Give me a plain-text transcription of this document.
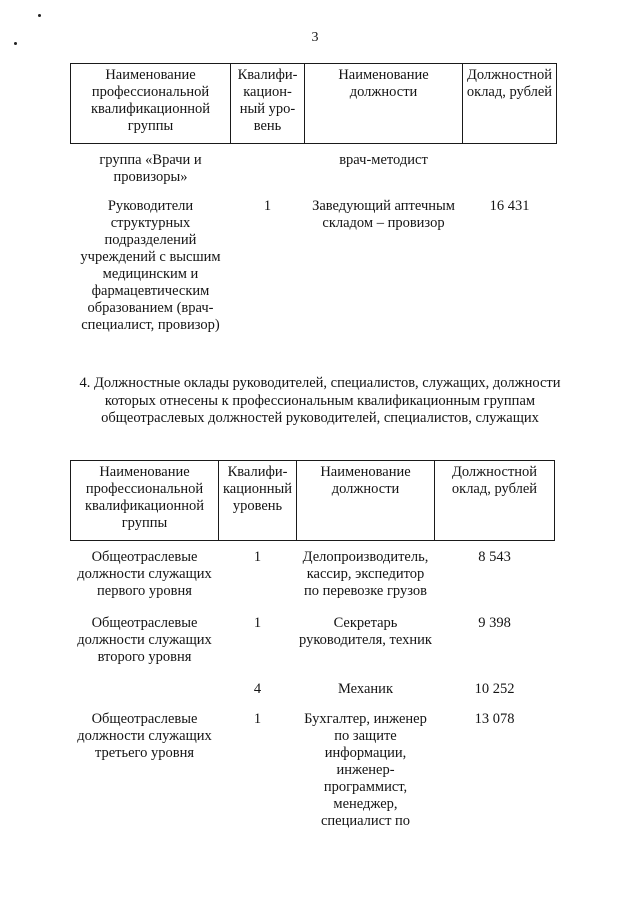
3
Наименование профессиональной квалификационной группы	Квалифи-кацион-ный уро-вень	Наименование должности	Должностной оклад, рублей
группа «Врачи и провизоры»		врач-методист	
Руководители структурных подразделений учреждений с высшим медицинским и фармацевтическим образованием (врач-специалист, провизор)	1	Заведующий аптечным складом – провизор	16 431
4. Должностные оклады руководителей, специалистов, служащих, должности которых отнесены к профессиональным квалификационным группам общеотраслевых должностей руководителей, специалистов, служащих
Наименование профессиональной квалификационной группы	Квалифи-кационный уровень	Наименование должности	Должностной оклад, рублей
Общеотраслевые должности служащих первого уровня	1	Делопроизводитель, кассир, экспедитор по перевозке грузов	8 543
Общеотраслевые должности служащих второго уровня	1	Секретарь руководителя, техник	9 398
	4	Механик	10 252
Общеотраслевые должности служащих третьего уровня	1	Бухгалтер, инженер по защите информации, инженер-программист, менеджер, специалист по	13 078
